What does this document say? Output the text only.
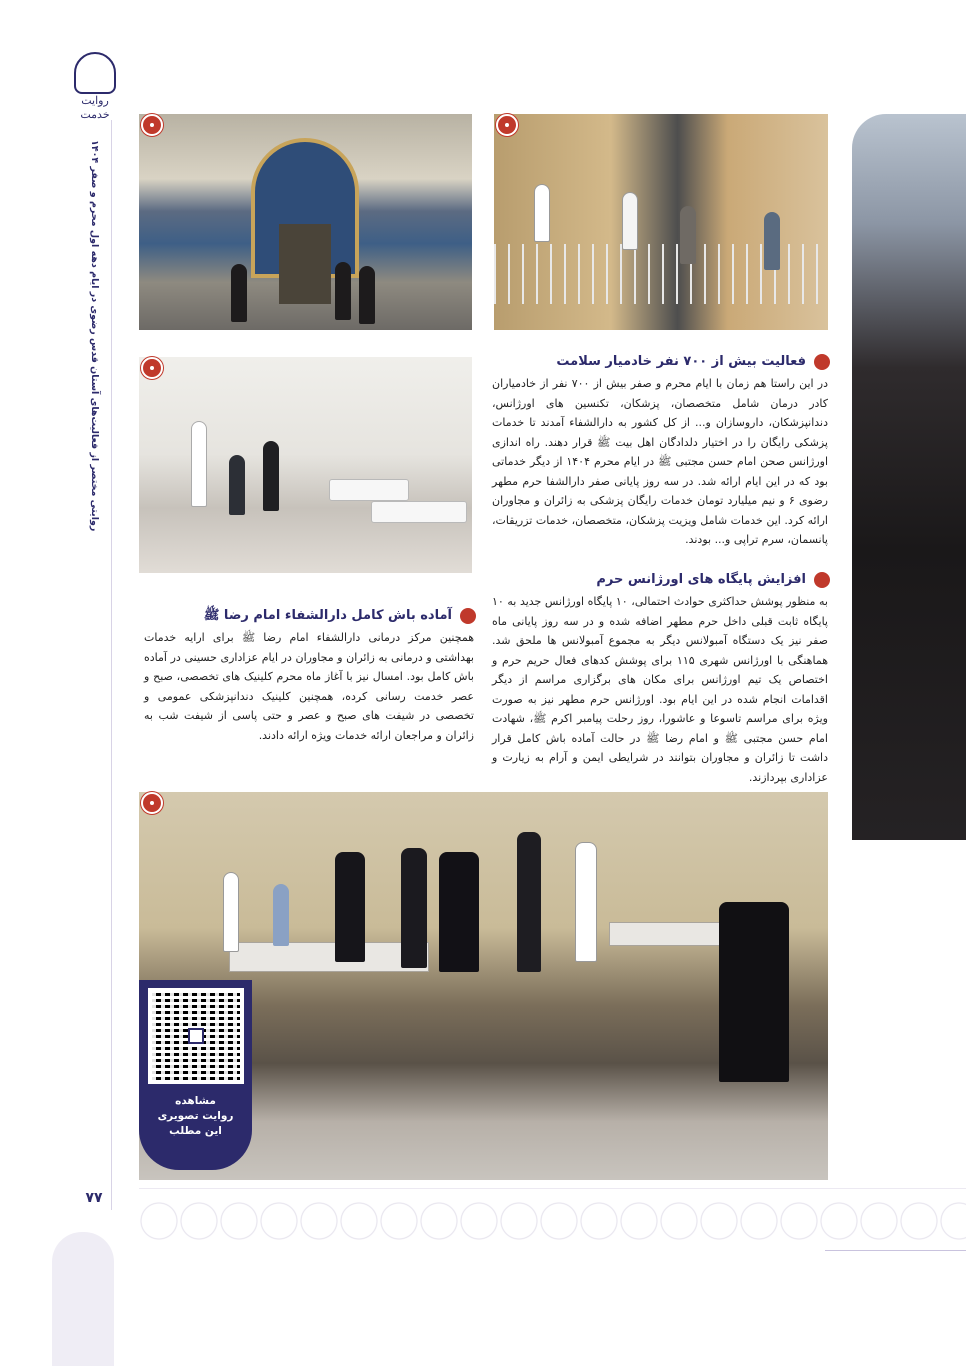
روایت خدمت
روایتی مختصر از فعالیت‌های آستان قدس رضوی در ایام دهه اول محرم و صفر ۱۴۰۴
۷۷
فعالیت بیش از ۷۰۰ نفر خادمیار سلامت

در این راستا هم زمان با ایام محرم و صفر بیش از ۷۰۰ نفر از خادمیاران کادر درمان شامل متخصصان، پزشکان، تکنسین های اورژانس، دندانپزشکان، داروسازان و... از کل کشور به دارالشفاء آمدند تا خدمات پزشکی رایگان را در اختیار دلدادگان اهل بیت ﷺ قرار دهند. راه اندازی اورژانس صحن امام حسن مجتبی ﷺ در ایام محرم ۱۴۰۴ از دیگر خدماتی بود که در این ایام ارائه شد. در سه روز پایانی صفر دارالشفا حرم مطهر رضوی ۶ و نیم میلیارد تومان خدمات رایگان پزشکی به زائران و مجاوران ارائه کرد. این خدمات شامل ویزیت پزشکان، متخصصان، خدمات تزریقات، پانسمان، سرم تراپی و... بودند.

افزایش پایگاه های اورژانس حرم

به منظور پوشش حداکثری حوادث احتمالی، ۱۰ پایگاه اورژانس جدید به ۱۰ پایگاه ثابت قبلی داخل حرم مطهر اضافه شده و در سه روز پایانی ماه صفر نیز یک دستگاه آمبولانس دیگر به مجموع آمبولانس ها ملحق شد. هماهنگی با اورژانس شهری ۱۱۵ برای پوشش کدهای فعال حریم حرم و اختصاص یک تیم اورژانس برای مکان های برگزاری مراسم از دیگر اقدامات انجام شده در این ایام بود. اورژانس حرم مطهر نیز به صورت ویژه برای مراسم تاسوعا و عاشورا، روز رحلت پیامبر اکرم ﷺ، شهادت امام حسن مجتبی ﷺ و امام رضا ﷺ در حالت آماده باش کامل قرار داشت تا زائران و مجاوران بتوانند در شرایطی ایمن و آرام به زیارت و عزاداری بپردازند.

آماده باش کامل دارالشفاء امام رضا ﷺ

همچنین مرکز درمانی دارالشفاء امام رضا ﷺ برای ارایه خدمات بهداشتی و درمانی به زائران و مجاوران در ایام عزاداری حسینی در آماده باش کامل بود. امسال نیز با آغاز ماه محرم کلینیک های تخصصی، صبح و عصر خدمت رسانی کرده، همچنین کلینیک دندانپزشکی عمومی و تخصصی در شیفت های صبح و عصر و حتی پاسی از شیفت شب به زائران و مراجعان ارائه خدمات ویژه ارائه دادند.

مشاهده
روایت تصویری
این مطلب
